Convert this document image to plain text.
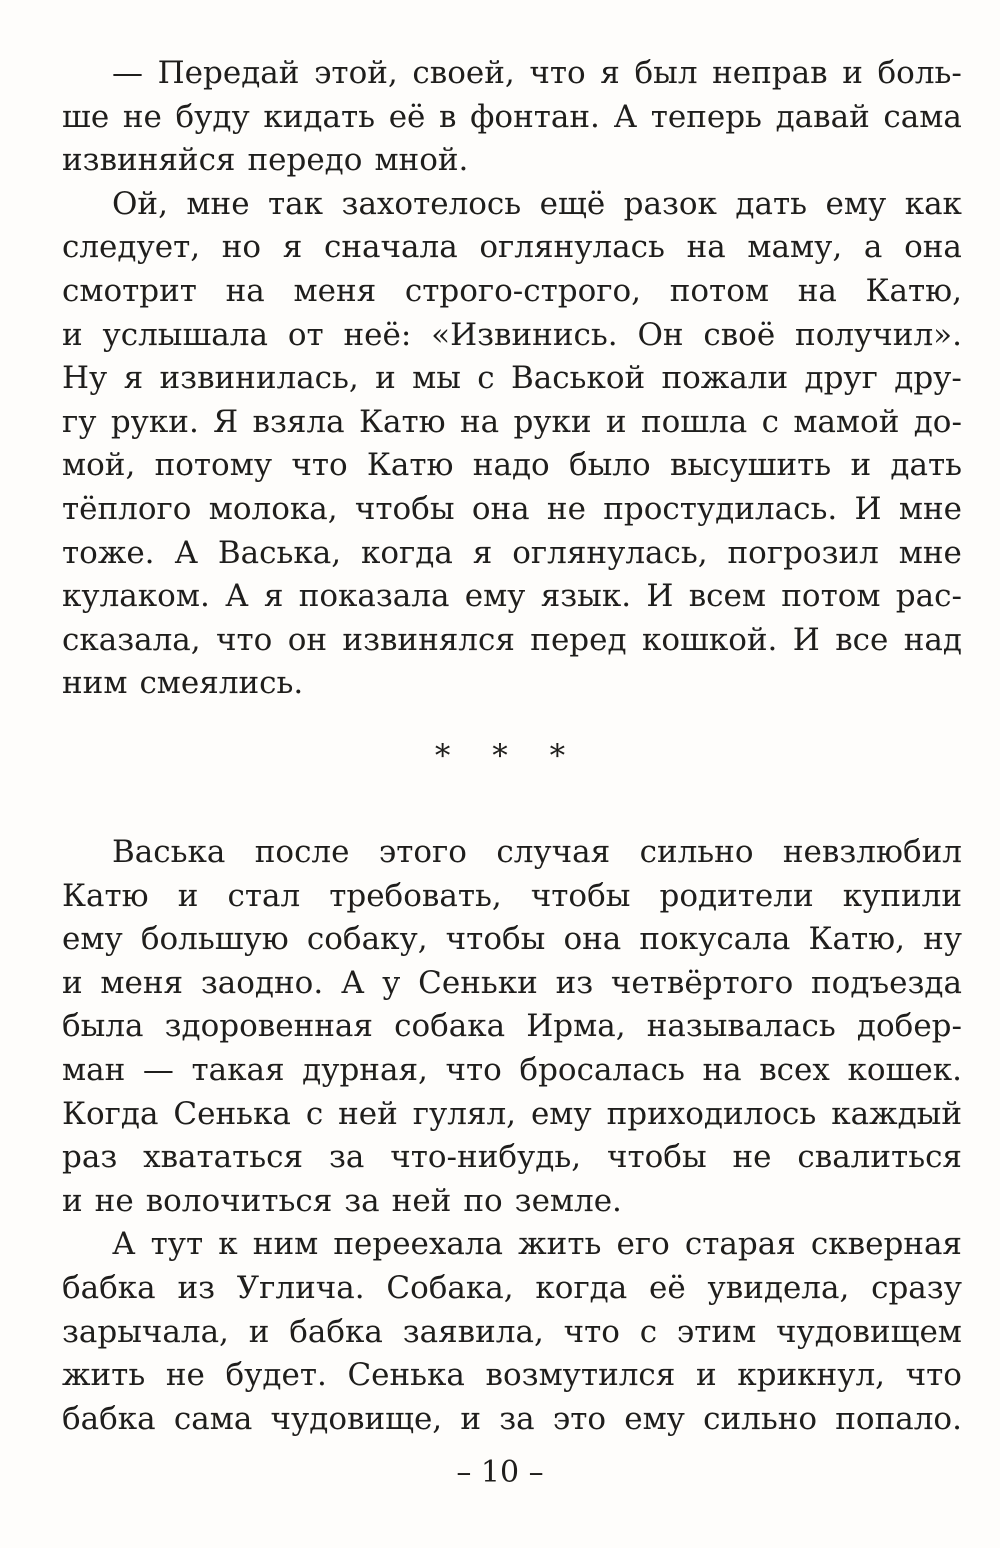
— Передай этой, своей, что я был неправ и боль-
ше не буду кидать её в фонтан. А теперь давай сама
извиняйся передо мной.
Ой, мне так захотелось ещё разок дать ему как
следует, но я сначала оглянулась на маму, а она
смотрит на меня строго-строго, потом на Катю,
и услышала от неё: «Извинись. Он своё получил».
Ну я извинилась, и мы с Васькой пожали друг дру-
гу руки. Я взяла Катю на руки и пошла с мамой до-
мой, потому что Катю надо было высушить и дать
тёплого молока, чтобы она не простудилась. И мне
тоже. А Васька, когда я оглянулась, погрозил мне
кулаком. А я показала ему язык. И всем потом рас-
сказала, что он извинялся перед кошкой. И все над
ним смеялись.
* * *
Васька после этого случая сильно невзлюбил
Катю и стал требовать, чтобы родители купили
ему большую собаку, чтобы она покусала Катю, ну
и меня заодно. А у Сеньки из четвёртого подъезда
была здоровенная собака Ирма, называлась добер-
ман — такая дурная, что бросалась на всех кошек.
Когда Сенька с ней гулял, ему приходилось каждый
раз хвататься за что-нибудь, чтобы не свалиться
и не волочиться за ней по земле.
А тут к ним переехала жить его старая скверная
бабка из Углича. Собака, когда её увидела, сразу
зарычала, и бабка заявила, что с этим чудовищем
жить не будет. Сенька возмутился и крикнул, что
бабка сама чудовище, и за это ему сильно попало.
– 10 –
